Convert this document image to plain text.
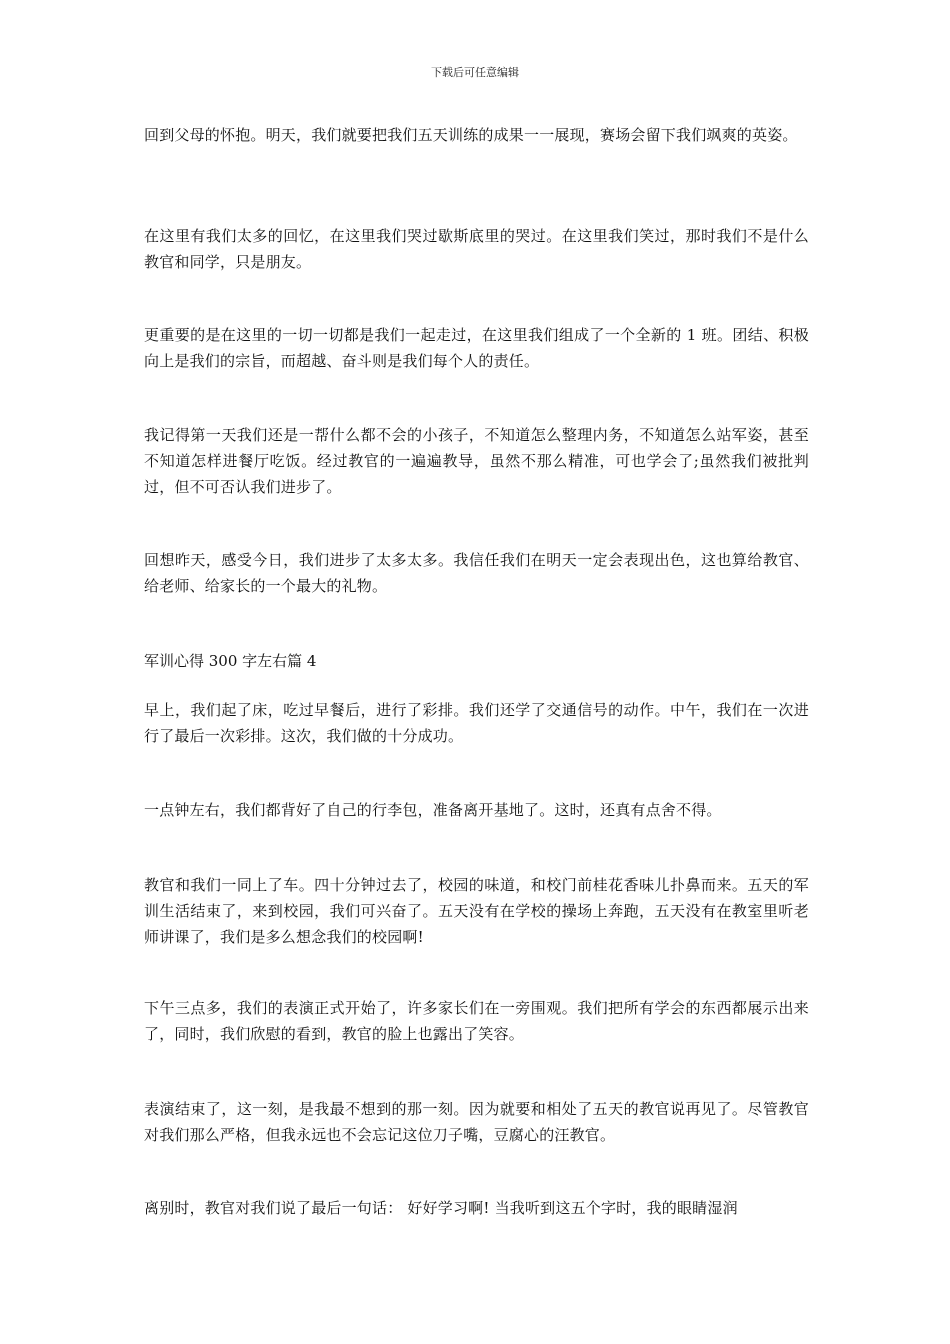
下载后可任意编辑
回到父母的怀抱。明天，我们就要把我们五天训练的成果一一展现，赛场会留下我们飒爽的英姿。
在这里有我们太多的回忆，在这里我们哭过歇斯底里的哭过。在这里我们笑过，那时我们不是什么教官和同学，只是朋友。
更重要的是在这里的一切一切都是我们一起走过，在这里我们组成了一个全新的 1 班。团结、积极向上是我们的宗旨，而超越、奋斗则是我们每个人的责任。
我记得第一天我们还是一帮什么都不会的小孩子，不知道怎么整理内务，不知道怎么站军姿，甚至不知道怎样进餐厅吃饭。经过教官的一遍遍教导，虽然不那么精准，可也学会了;虽然我们被批判过，但不可否认我们进步了。
回想昨天，感受今日，我们进步了太多太多。我信任我们在明天一定会表现出色，这也算给教官、给老师、给家长的一个最大的礼物。
军训心得 300 字左右篇 4
早上，我们起了床，吃过早餐后，进行了彩排。我们还学了交通信号的动作。中午，我们在一次进行了最后一次彩排。这次，我们做的十分成功。
一点钟左右，我们都背好了自己的行李包，准备离开基地了。这时，还真有点舍不得。
教官和我们一同上了车。四十分钟过去了，校园的味道，和校门前桂花香味儿扑鼻而来。五天的军训生活结束了，来到校园，我们可兴奋了。五天没有在学校的操场上奔跑，五天没有在教室里听老师讲课了，我们是多么想念我们的校园啊!
下午三点多，我们的表演正式开始了，许多家长们在一旁围观。我们把所有学会的东西都展示出来了，同时，我们欣慰的看到，教官的脸上也露出了笑容。
表演结束了，这一刻，是我最不想到的那一刻。因为就要和相处了五天的教官说再见了。尽管教官对我们那么严格，但我永远也不会忘记这位刀子嘴，豆腐心的汪教官。
离别时，教官对我们说了最后一句话： 好好学习啊! 当我听到这五个字时，我的眼睛湿润
